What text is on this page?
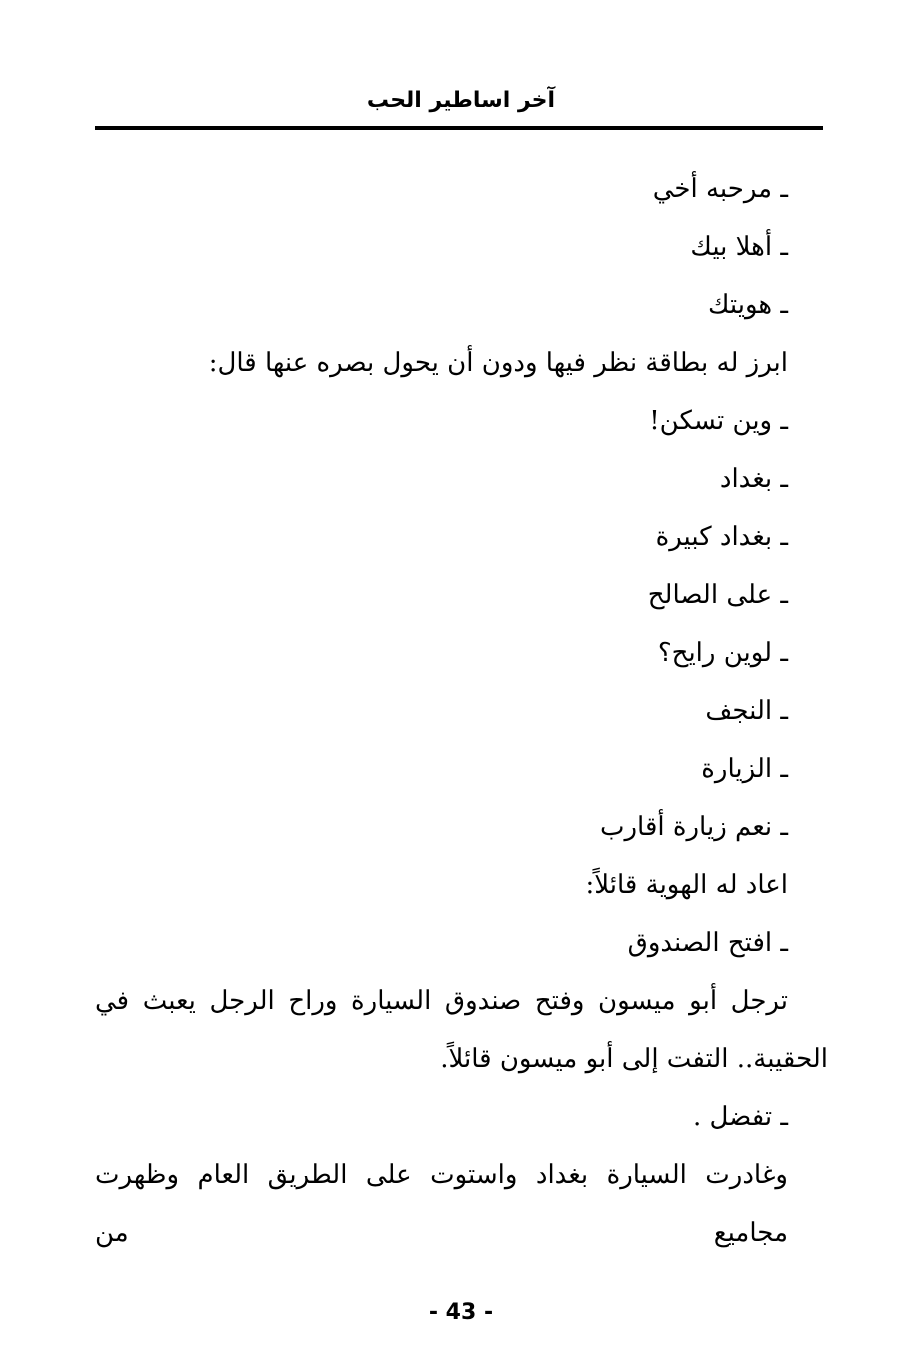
آخر اساطير الحب
ـ مرحبه أخي
ـ أهلا بيك
ـ هويتك
ابرز له بطاقة نظر فيها ودون أن يحول بصره عنها قال:
ـ وين تسكن!
ـ بغداد
ـ بغداد كبيرة
ـ على الصالح
ـ لوين رايح؟
ـ النجف
ـ الزيارة
ـ نعم زيارة أقارب
اعاد له الهوية قائلاً:
ـ افتح الصندوق
ترجل أبو ميسون وفتح صندوق السيارة وراح الرجل يعبث في
الحقيبة.. التفت إلى أبو ميسون قائلاً.
ـ تفضل .
وغادرت السيارة بغداد واستوت على الطريق العام وظهرت مجاميع من
- 43 -
